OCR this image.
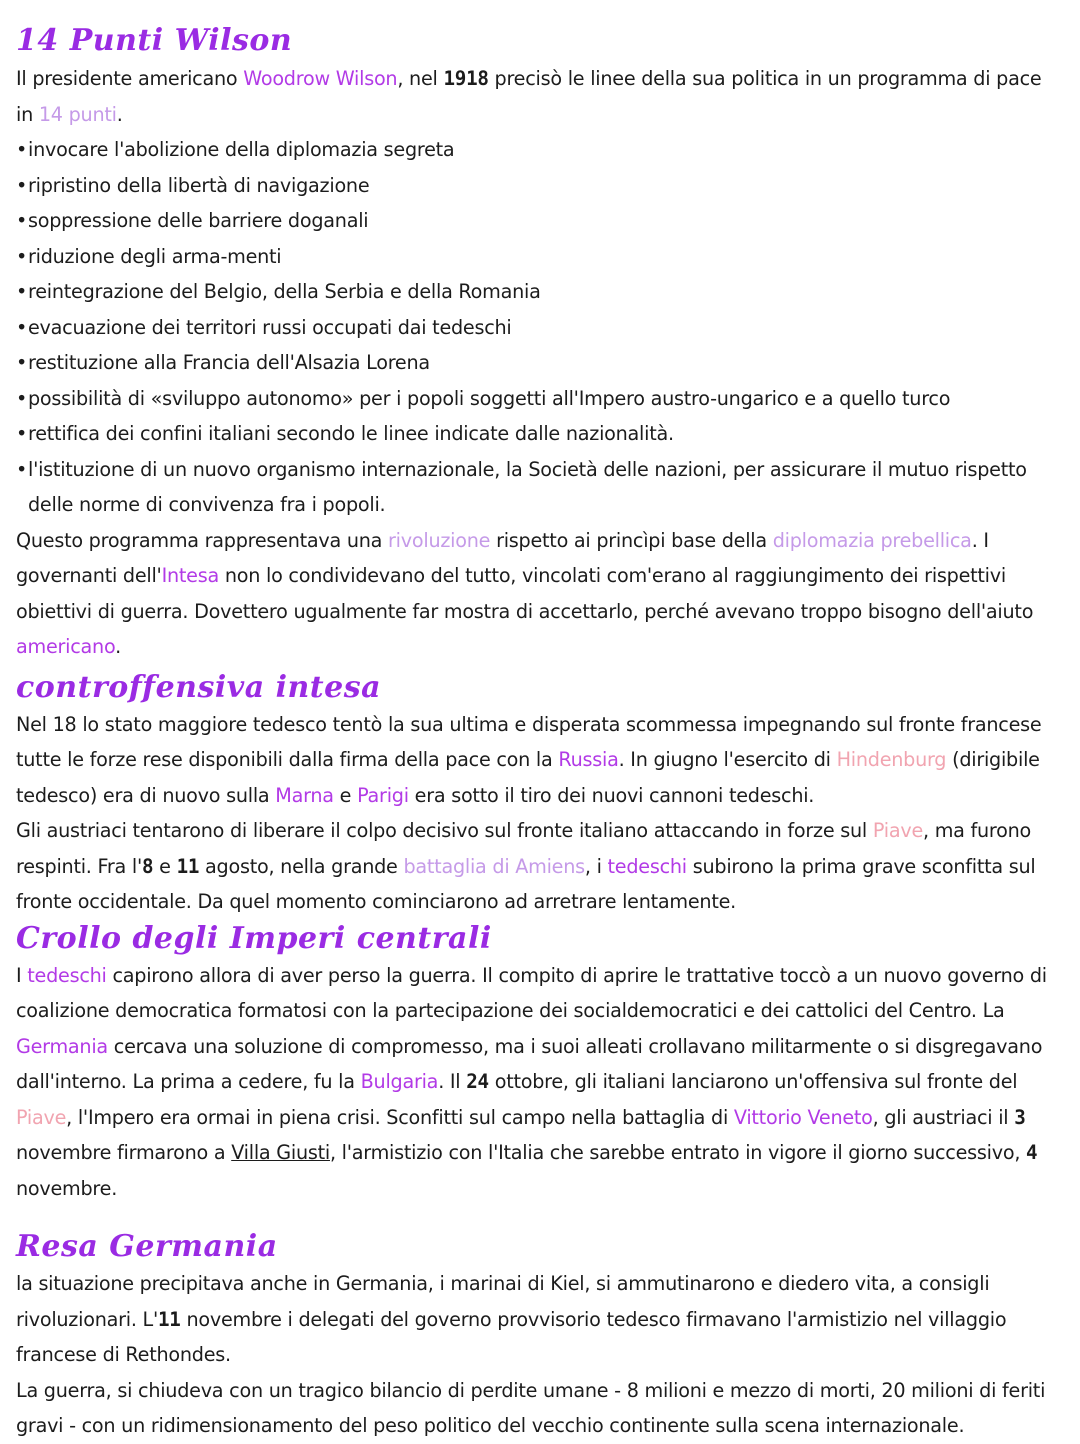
14 Punti Wilson

Il presidente americano Woodrow Wilson, nel 1918 precisò le linee della sua politica in un programma di pace in 14 punti.

• invocare l'abolizione della diplomazia segreta
• ripristino della libertà di navigazione
• soppressione delle barriere doganali
• riduzione degli arma-menti
• reintegrazione del Belgio, della Serbia e della Romania
• evacuazione dei territori russi occupati dai tedeschi
• restituzione alla Francia dell'Alsazia Lorena
• possibilità di «sviluppo autonomo» per i popoli soggetti all'Impero austro-ungarico e a quello turco
• rettifica dei confini italiani secondo le linee indicate dalle nazionalità.
• l'istituzione di un nuovo organismo internazionale, la Società delle nazioni, per assicurare il mutuo rispetto delle norme di convivenza fra i popoli.

Questo programma rappresentava una rivoluzione rispetto ai princìpi base della diplomazia prebellica. I governanti dell'Intesa non lo condividevano del tutto, vincolati com'erano al raggiungimento dei rispettivi obiettivi di guerra. Dovettero ugualmente far mostra di accettarlo, perché avevano troppo bisogno dell'aiuto americano.

controffensiva intesa

Nel 18 lo stato maggiore tedesco tentò la sua ultima e disperata scommessa impegnando sul fronte francese tutte le forze rese disponibili dalla firma della pace con la Russia. In giugno l'esercito di Hindenburg (dirigibile tedesco) era di nuovo sulla Marna e Parigi era sotto il tiro dei nuovi cannoni tedeschi.

Gli austriaci tentarono di liberare il colpo decisivo sul fronte italiano attaccando in forze sul Piave, ma furono respinti. Fra l'8 e 11 agosto, nella grande battaglia di Amiens, i tedeschi subirono la prima grave sconfitta sul fronte occidentale. Da quel momento cominciarono ad arretrare lentamente.

Crollo degli Imperi centrali

I tedeschi capirono allora di aver perso la guerra. Il compito di aprire le trattative toccò a un nuovo governo di coalizione democratica formatosi con la partecipazione dei socialdemocratici e dei cattolici del Centro. La Germania cercava una soluzione di compromesso, ma i suoi alleati crollavano militarmente o si disgregavano dall'interno. La prima a cedere, fu la Bulgaria. Il 24 ottobre, gli italiani lanciarono un'offensiva sul fronte del Piave, l'Impero era ormai in piena crisi. Sconfitti sul campo nella battaglia di Vittorio Veneto, gli austriaci il 3 novembre firmarono a Villa Giusti, l'armistizio con l'Italia che sarebbe entrato in vigore il giorno successivo, 4 novembre.

Resa Germania

la situazione precipitava anche in Germania, i marinai di Kiel, si ammutinarono e diedero vita, a consigli rivoluzionari. L'11 novembre i delegati del governo provvisorio tedesco firmavano l'armistizio nel villaggio francese di Rethondes.

La guerra, si chiudeva con un tragico bilancio di perdite umane - 8 milioni e mezzo di morti, 20 milioni di feriti gravi - con un ridimensionamento del peso politico del vecchio continente sulla scena internazionale.
